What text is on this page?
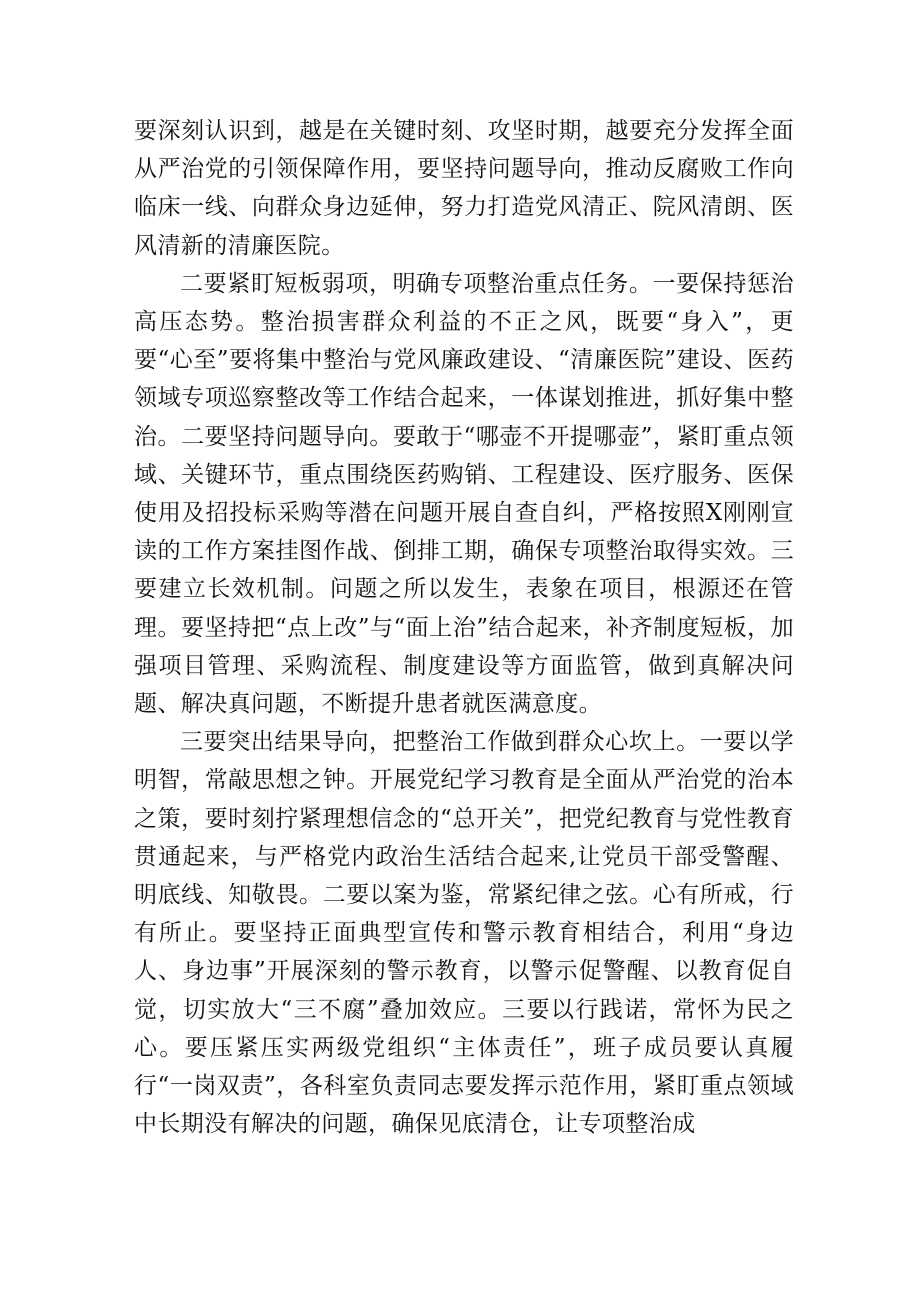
要深刻认识到，越是在关键时刻、攻坚时期，越要充分发挥全面从严治党的引领保障作用，要坚持问题导向，推动反腐败工作向临床一线、向群众身边延伸，努力打造党风清正、院风清朗、医风清新的清廉医院。

二要紧盯短板弱项，明确专项整治重点任务。一要保持惩治高压态势。整治损害群众利益的不正之风，既要“身入”，更要“心至”要将集中整治与党风廉政建设、“清廉医院”建设、医药领域专项巡察整改等工作结合起来，一体谋划推进，抓好集中整治。二要坚持问题导向。要敢于“哪壶不开提哪壶”，紧盯重点领域、关键环节，重点围绕医药购销、工程建设、医疗服务、医保使用及招投标采购等潜在问题开展自查自纠，严格按照X刚刚宣读的工作方案挂图作战、倒排工期，确保专项整治取得实效。三要建立长效机制。问题之所以发生，表象在项目，根源还在管理。要坚持把“点上改”与“面上治”结合起来，补齐制度短板，加强项目管理、采购流程、制度建设等方面监管，做到真解决问题、解决真问题，不断提升患者就医满意度。

三要突出结果导向，把整治工作做到群众心坎上。一要以学明智，常敲思想之钟。开展党纪学习教育是全面从严治党的治本之策，要时刻拧紧理想信念的“总开关”，把党纪教育与党性教育贯通起来，与严格党内政治生活结合起来,让党员干部受警醒、明底线、知敬畏。二要以案为鉴，常紧纪律之弦。心有所戒，行有所止。要坚持正面典型宣传和警示教育相结合，利用“身边人、身边事”开展深刻的警示教育，以警示促警醒、以教育促自觉，切实放大“三不腐”叠加效应。三要以行践诺，常怀为民之心。要压紧压实两级党组织“主体责任”，班子成员要认真履行“一岗双责”，各科室负责同志要发挥示范作用，紧盯重点领域中长期没有解决的问题，确保见底清仓，让专项整治成
